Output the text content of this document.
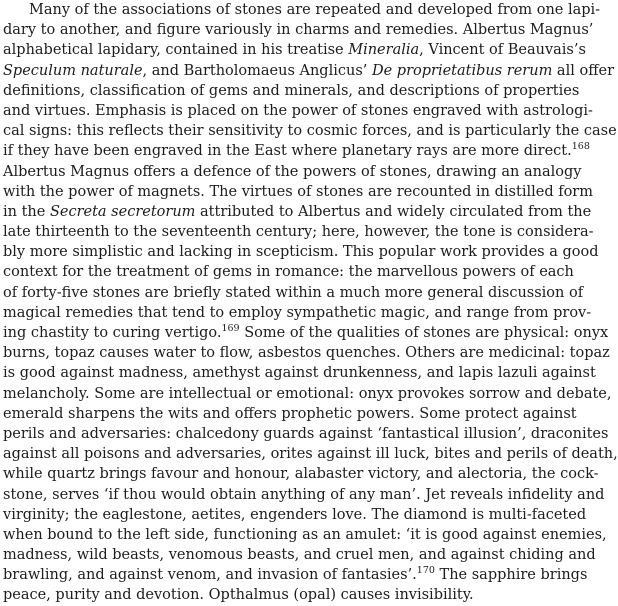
Many of the associations of stones are repeated and developed from one lapi-
dary to another, and figure variously in charms and remedies. Albertus Magnus’
alphabetical lapidary, contained in his treatise Mineralia, Vincent of Beauvais’s
Speculum naturale, and Bartholomaeus Anglicus’ De proprietatibus rerum all offer
definitions, classification of gems and minerals, and descriptions of properties
and virtues. Emphasis is placed on the power of stones engraved with astrologi-
cal signs: this reflects their sensitivity to cosmic forces, and is particularly the case
if they have been engraved in the East where planetary rays are more direct.$^{168}$
Albertus Magnus offers a defence of the powers of stones, drawing an analogy
with the power of magnets. The virtues of stones are recounted in distilled form
in the Secreta secretorum attributed to Albertus and widely circulated from the
late thirteenth to the seventeenth century; here, however, the tone is considera-
bly more simplistic and lacking in scepticism. This popular work provides a good
context for the treatment of gems in romance: the marvellous powers of each
of forty-five stones are briefly stated within a much more general discussion of
magical remedies that tend to employ sympathetic magic, and range from prov-
ing chastity to curing vertigo.$^{169}$ Some of the qualities of stones are physical: onyx
burns, topaz causes water to flow, asbestos quenches. Others are medicinal: topaz
is good against madness, amethyst against drunkenness, and lapis lazuli against
melancholy. Some are intellectual or emotional: onyx provokes sorrow and debate,
emerald sharpens the wits and offers prophetic powers. Some protect against
perils and adversaries: chalcedony guards against ‘fantastical illusion’, draconites
against all poisons and adversaries, orites against ill luck, bites and perils of death,
while quartz brings favour and honour, alabaster victory, and alectoria, the cock-
stone, serves ‘if thou would obtain anything of any man’. Jet reveals infidelity and
virginity; the eaglestone, aetites, engenders love. The diamond is multi-faceted
when bound to the left side, functioning as an amulet: ‘it is good against enemies,
madness, wild beasts, venomous beasts, and cruel men, and against chiding and
brawling, and against venom, and invasion of fantasies’.$^{170}$ The sapphire brings
peace, purity and devotion. Opthalmus (opal) causes invisibility.
